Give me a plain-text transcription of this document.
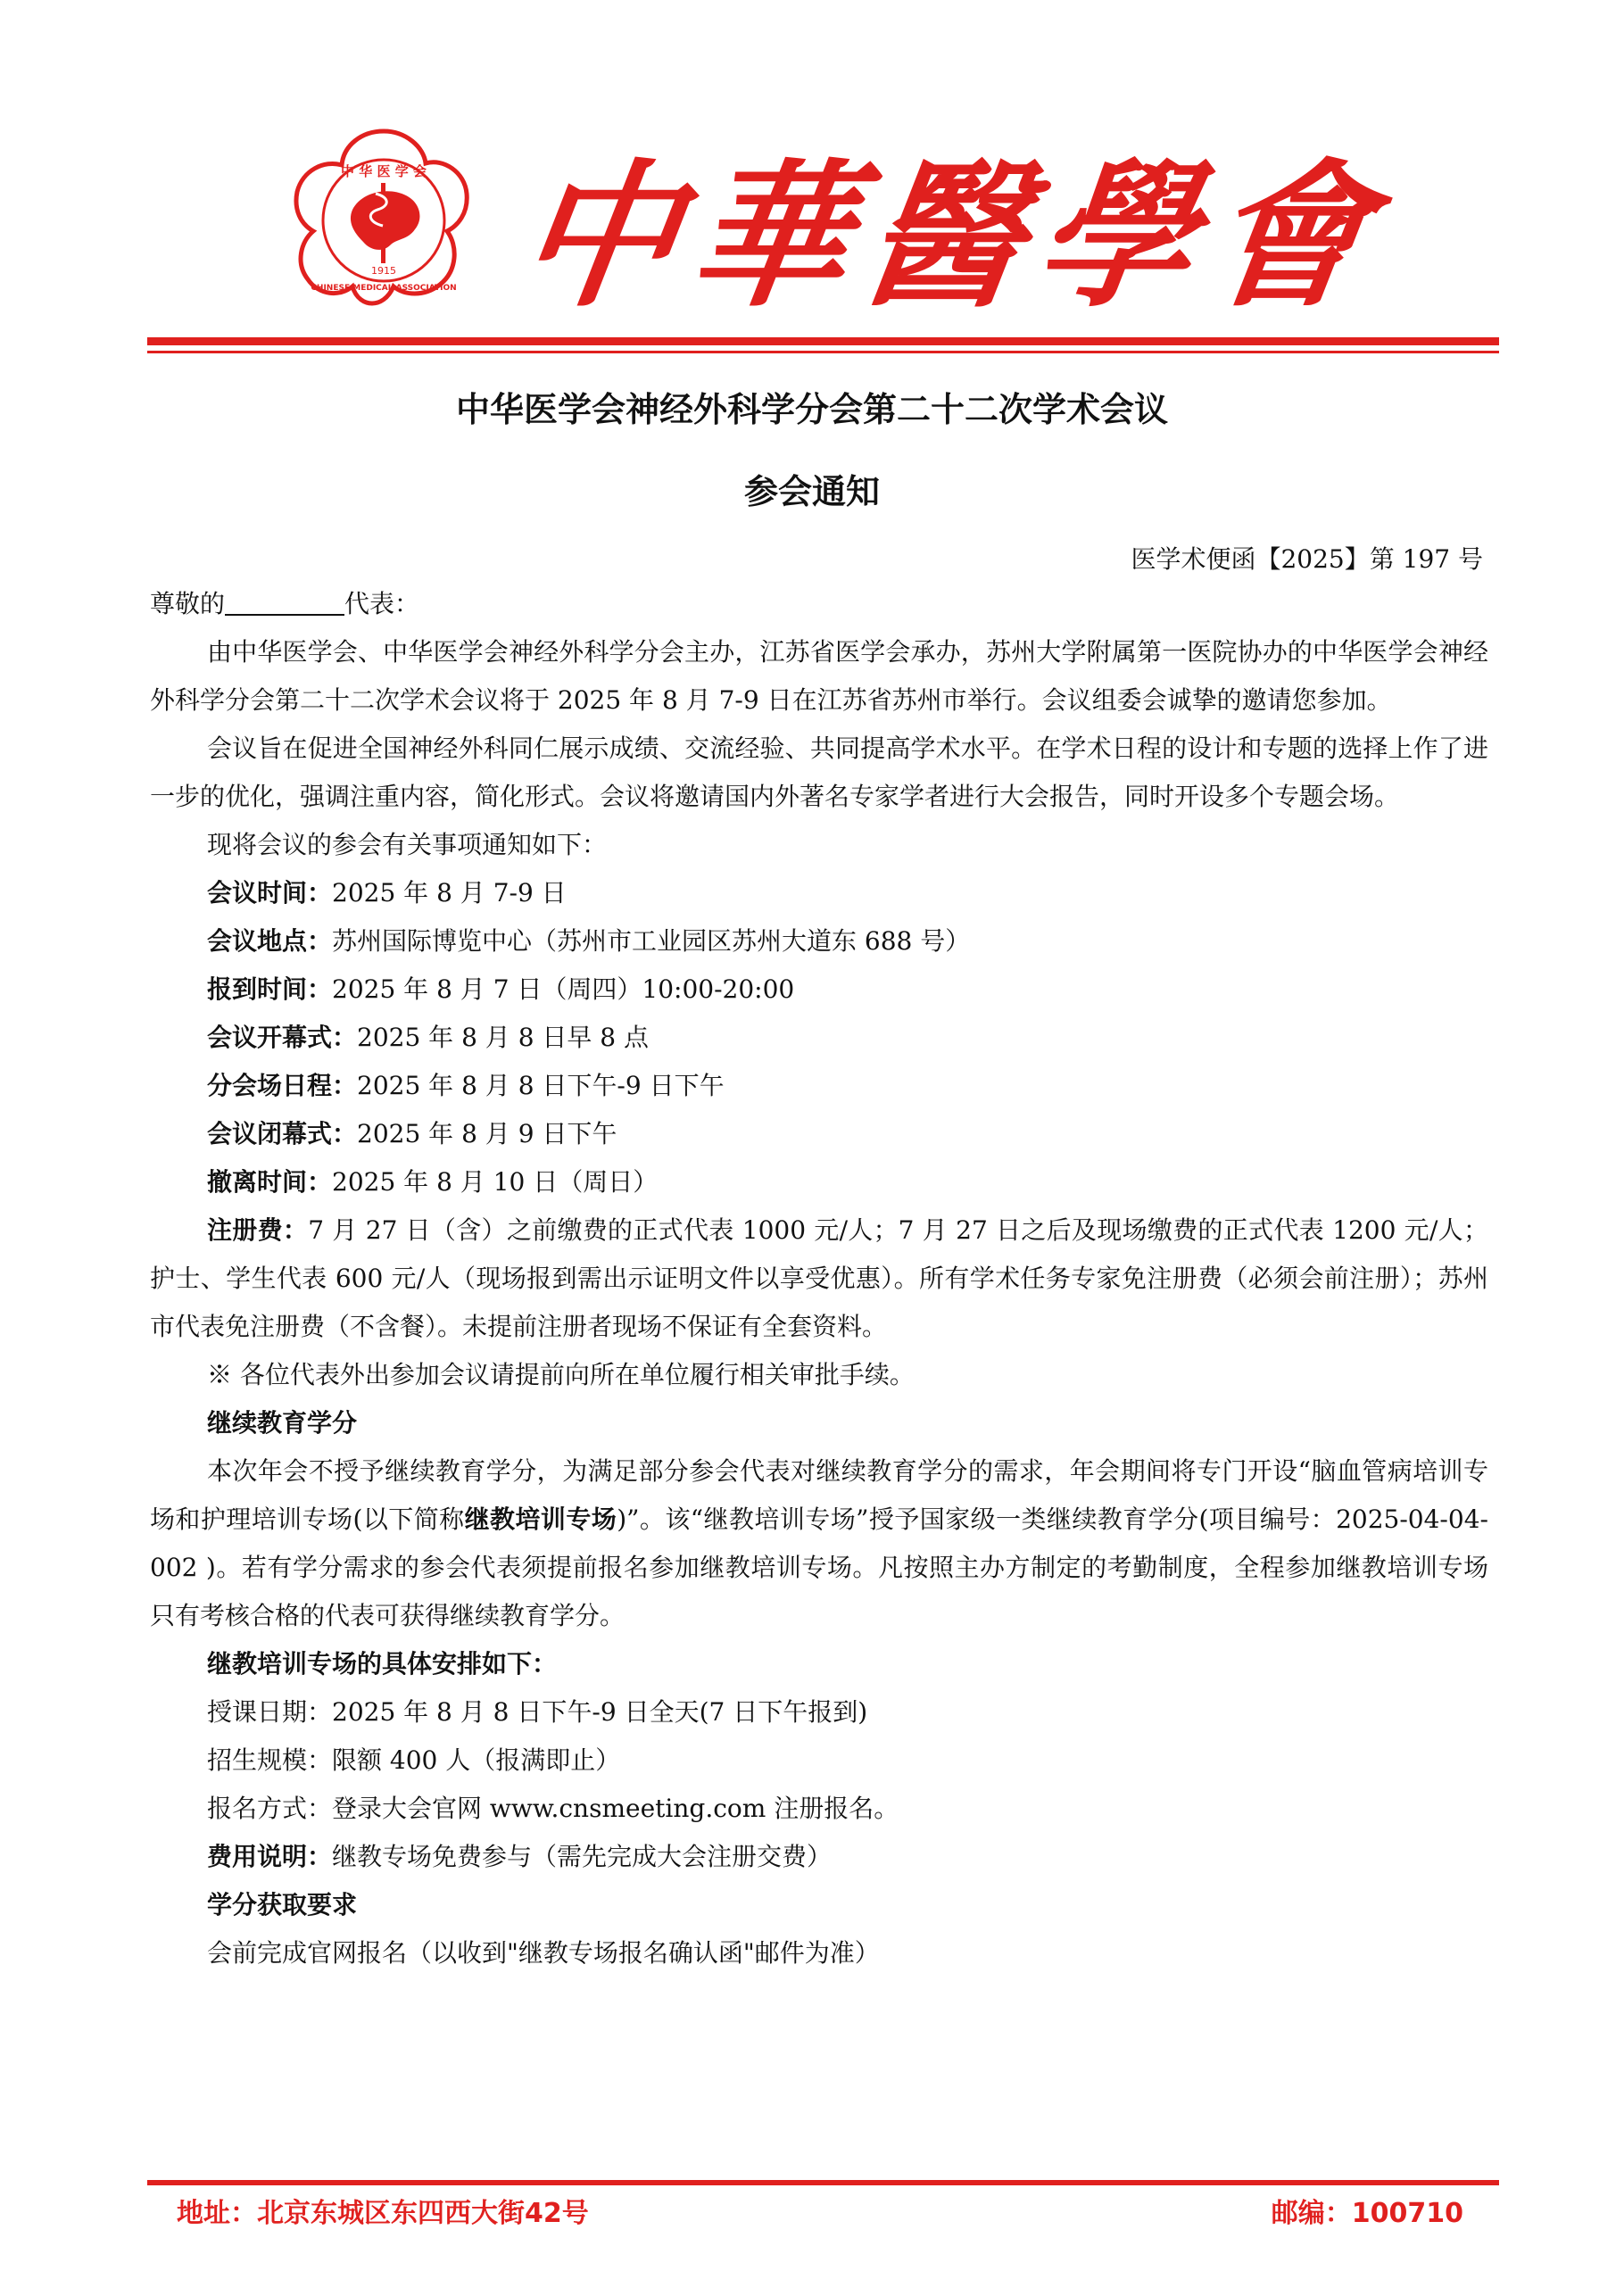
中 华 医 学 会
1915
CHINESE MEDICAL ASSOCIATION 中
華
醫
學
會
中华医学会神经外科学分会第二十二次学术会议
参会通知
医学术便函【2025】第 197 号

尊敬的	代表：

由中华医学会、中华医学会神经外科学分会主办，江苏省医学会承办，苏州大学附属第一医院协办的中华医学会神经外科学分会第二十二次学术会议将于 2025 年 8 月 7-9 日在江苏省苏州市举行。会议组委会诚挚的邀请您参加。

会议旨在促进全国神经外科同仁展示成绩、交流经验、共同提高学术水平。在学术日程的设计和专题的选择上作了进一步的优化，强调注重内容，简化形式。会议将邀请国内外著名专家学者进行大会报告，同时开设多个专题会场。

现将会议的参会有关事项通知如下：

会议时间：2025 年 8 月 7-9 日

会议地点：苏州国际博览中心（苏州市工业园区苏州大道东 688 号）

报到时间：2025 年 8 月 7 日（周四）10:00-20:00

会议开幕式：2025 年 8 月 8 日早 8 点

分会场日程：2025 年 8 月 8 日下午-9 日下午

会议闭幕式：2025 年 8 月 9 日下午

撤离时间：2025 年 8 月 10 日（周日）

注册费：7 月 27 日（含）之前缴费的正式代表 1000 元/人；7 月 27 日之后及现场缴费的正式代表 1200 元/人；护士、学生代表 600 元/人（现场报到需出示证明文件以享受优惠）。所有学术任务专家免注册费（必须会前注册）；苏州市代表免注册费（不含餐）。未提前注册者现场不保证有全套资料。

※ 各位代表外出参加会议请提前向所在单位履行相关审批手续。

继续教育学分

本次年会不授予继续教育学分，为满足部分参会代表对继续教育学分的需求，年会期间将专门开设“脑血管病培训专场和护理培训专场(以下简称继教培训专场)”。该“继教培训专场”授予国家级一类继续教育学分(项目编号：2025-04-04-002 )。若有学分需求的参会代表须提前报名参加继教培训专场。凡按照主办方制定的考勤制度，全程参加继教培训专场只有考核合格的代表可获得继续教育学分。

继教培训专场的具体安排如下：

授课日期：2025 年 8 月 8 日下午-9 日全天(7 日下午报到)

招生规模：限额 400 人（报满即止）

报名方式：登录大会官网 www.cnsmeeting.com 注册报名。

费用说明：继教专场免费参与（需先完成大会注册交费）

学分获取要求

会前完成官网报名（以收到"继教专场报名确认函"邮件为准）

地址：北京东城区东四西大街42号	邮编：100710
